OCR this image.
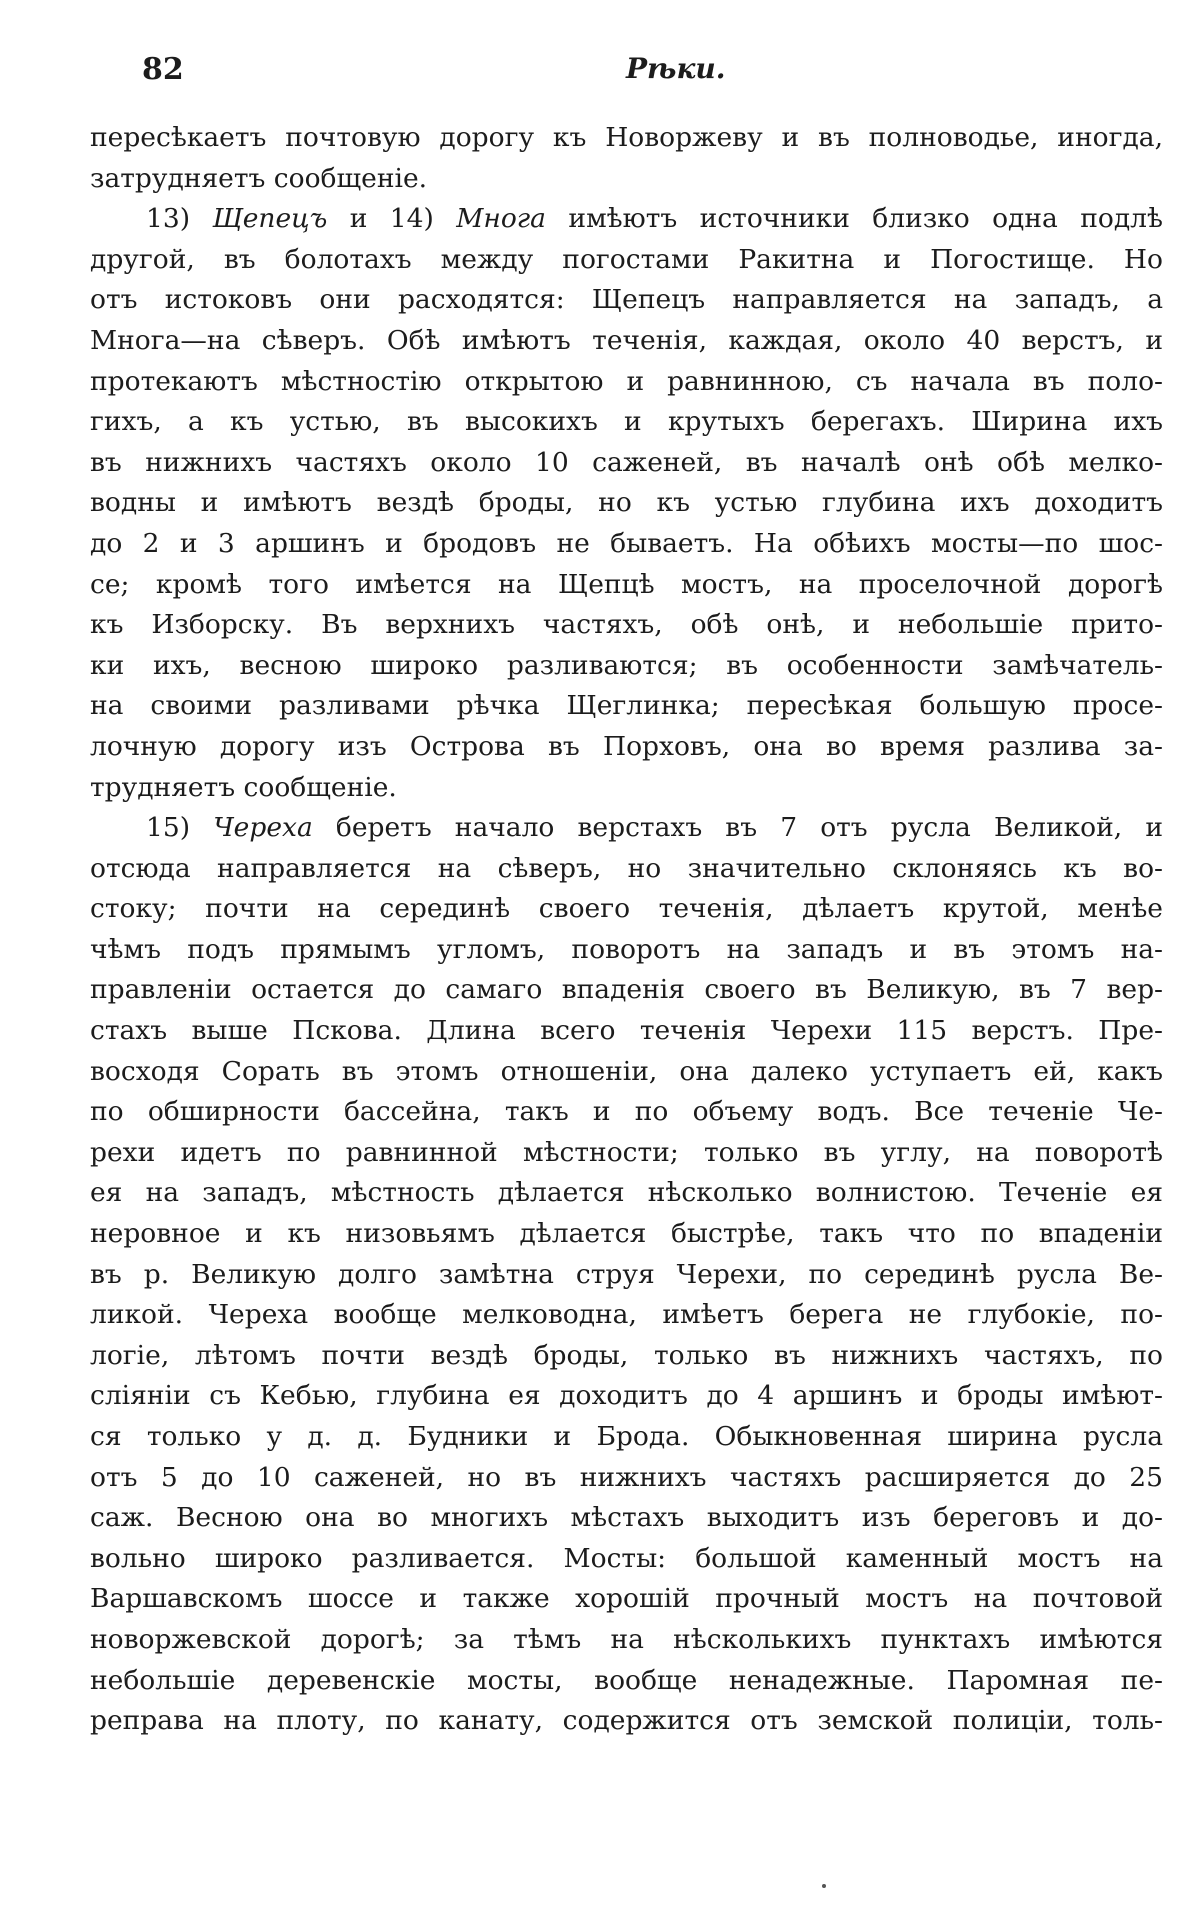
82	Рѣки.
пересѣкаетъ почтовую дорогу къ Новоржеву и въ полноводье, иногда,
затрудняетъ сообщеніе.
13) Щепецъ и 14) Многа имѣютъ источники близко одна подлѣ
другой, въ болотахъ между погостами Ракитна и Погостище. Но
отъ истоковъ они расходятся: Щепецъ направляется на западъ, а
Многа—на сѣверъ. Обѣ имѣютъ теченія, каждая, около 40 верстъ, и
протекаютъ мѣстностію открытою и равнинною, съ начала въ поло-
гихъ, а къ устью, въ высокихъ и крутыхъ берегахъ. Ширина ихъ
въ нижнихъ частяхъ около 10 саженей, въ началѣ онѣ обѣ мелко-
водны и имѣютъ вездѣ броды, но къ устью глубина ихъ доходитъ
до 2 и 3 аршинъ и бродовъ не бываетъ. На обѣихъ мосты—по шос-
се; кромѣ того имѣется на Щепцѣ мостъ, на проселочной дорогѣ
къ Изборску. Въ верхнихъ частяхъ, обѣ онѣ, и небольшіе прито-
ки ихъ, весною широко разливаются; въ особенности замѣчатель-
на своими разливами рѣчка Щеглинка; пересѣкая большую просе-
лочную дорогу изъ Острова въ Порховъ, она во время разлива за-
трудняетъ сообщеніе.
15) Череха беретъ начало верстахъ въ 7 отъ русла Великой, и
отсюда направляется на сѣверъ, но значительно склоняясь къ во-
стоку; почти на серединѣ своего теченія, дѣлаетъ крутой, менѣе
чѣмъ подъ прямымъ угломъ, поворотъ на западъ и въ этомъ на-
правленіи остается до самаго впаденія своего въ Великую, въ 7 вер-
стахъ выше Пскова. Длина всего теченія Черехи 115 верстъ. Пре-
восходя Сорать въ этомъ отношеніи, она далеко уступаетъ ей, какъ
по обширности бассейна, такъ и по объему водъ. Все теченіе Че-
рехи идетъ по равнинной мѣстности; только въ углу, на поворотѣ
ея на западъ, мѣстность дѣлается нѣсколько волнистою. Теченіе ея
неровное и къ низовьямъ дѣлается быстрѣе, такъ что по впаденіи
въ р. Великую долго замѣтна струя Черехи, по серединѣ русла Ве-
ликой. Череха вообще мелководна, имѣетъ берега не глубокіе, по-
логіе, лѣтомъ почти вездѣ броды, только въ нижнихъ частяхъ, по
сліяніи съ Кебью, глубина ея доходитъ до 4 аршинъ и броды имѣют-
ся только у д. д. Будники и Брода. Обыкновенная ширина русла
отъ 5 до 10 саженей, но въ нижнихъ частяхъ расширяется до 25
саж. Весною она во многихъ мѣстахъ выходитъ изъ береговъ и до-
вольно широко разливается. Мосты: большой каменный мостъ на
Варшавскомъ шоссе и также хорошій прочный мостъ на почтовой
новоржевской дорогѣ; за тѣмъ на нѣсколькихъ пунктахъ имѣются
небольшіе деревенскіе мосты, вообще ненадежные. Паромная пе-
реправа на плоту, по канату, содержится отъ земской полиціи, толь-
